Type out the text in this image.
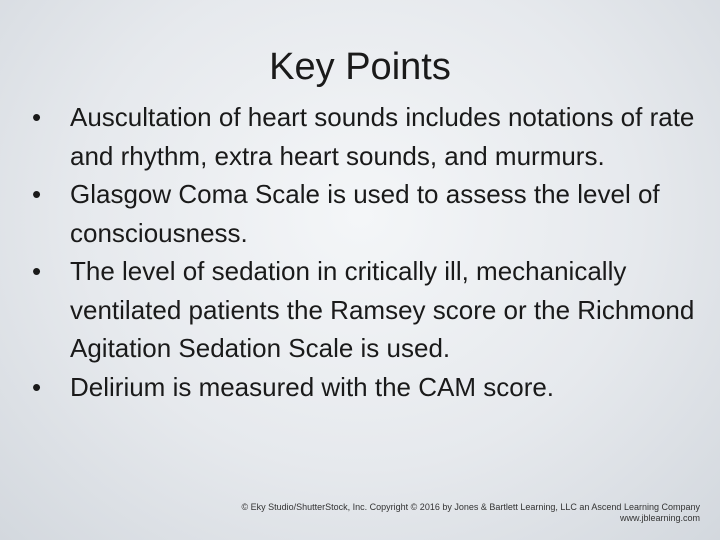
Key Points
•	Auscultation of heart sounds includes notations of rate and rhythm, extra heart sounds, and murmurs.
•	Glasgow Coma Scale is used to assess the level of consciousness.
•	The level of sedation in critically ill, mechanically ventilated patients the Ramsey score or the Richmond Agitation Sedation Scale is used.
•	Delirium is measured with the CAM score.
© Eky Studio/ShutterStock, Inc. Copyright © 2016 by Jones & Bartlett Learning, LLC an Ascend Learning Company
www.jblearning.com
